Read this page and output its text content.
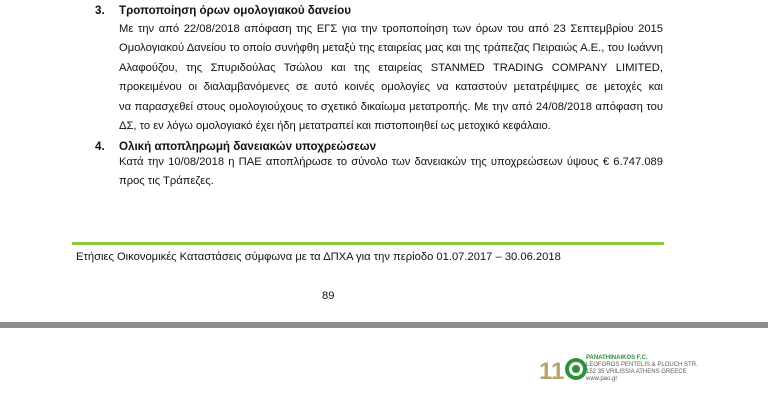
3. Τροποποίηση όρων ομολογιακού δανείου
Με την από 22/08/2018 απόφαση της ΕΓΣ για την τροποποίηση των όρων του από 23 Σεπτεμβρίου 2015
Ομολογιακού Δανείου το οποίο συνήφθη μεταξύ της εταιρείας μας και της τράπεζας Πειραιώς Α.Ε., του Ιωάννη
Αλαφούζου, της Σπυριδούλας Τσώλου και της εταιρείας STANMED TRADING COMPANY LIMITED,
προκειμένου οι διαλαμβανόμενες σε αυτό κοινές ομολογίες να καταστούν μετατρέψιμες σε μετοχές και
να παρασχεθεί στους ομολογιούχους το σχετικό δικαίωμα μετατροπής. Με την από 24/08/2018 απόφαση του
ΔΣ, το εν λόγω ομολογιακό έχει ήδη μετατραπεί και πιστοποιηθεί ως μετοχικό κεφάλαιο.
4. Ολική αποπληρωμή δανειακών υποχρεώσεων
Κατά την 10/08/2018 η ΠΑΕ αποπλήρωσε το σύνολο των δανειακών της υποχρεώσεων ύψους € 6.747.089
προς τις Τράπεζες.
Ετήσιες Οικονομικές Καταστάσεις σύμφωνα με τα ΔΠΧΑ για την περίοδο 01.07.2017 – 30.06.2018
89
11	PANATHINAIKOS F.C.
LEOFOROS PENTELIS & PLOUCH STR.
152 35 VRILISSIA ATHENS GREECE
www.pao.gr
